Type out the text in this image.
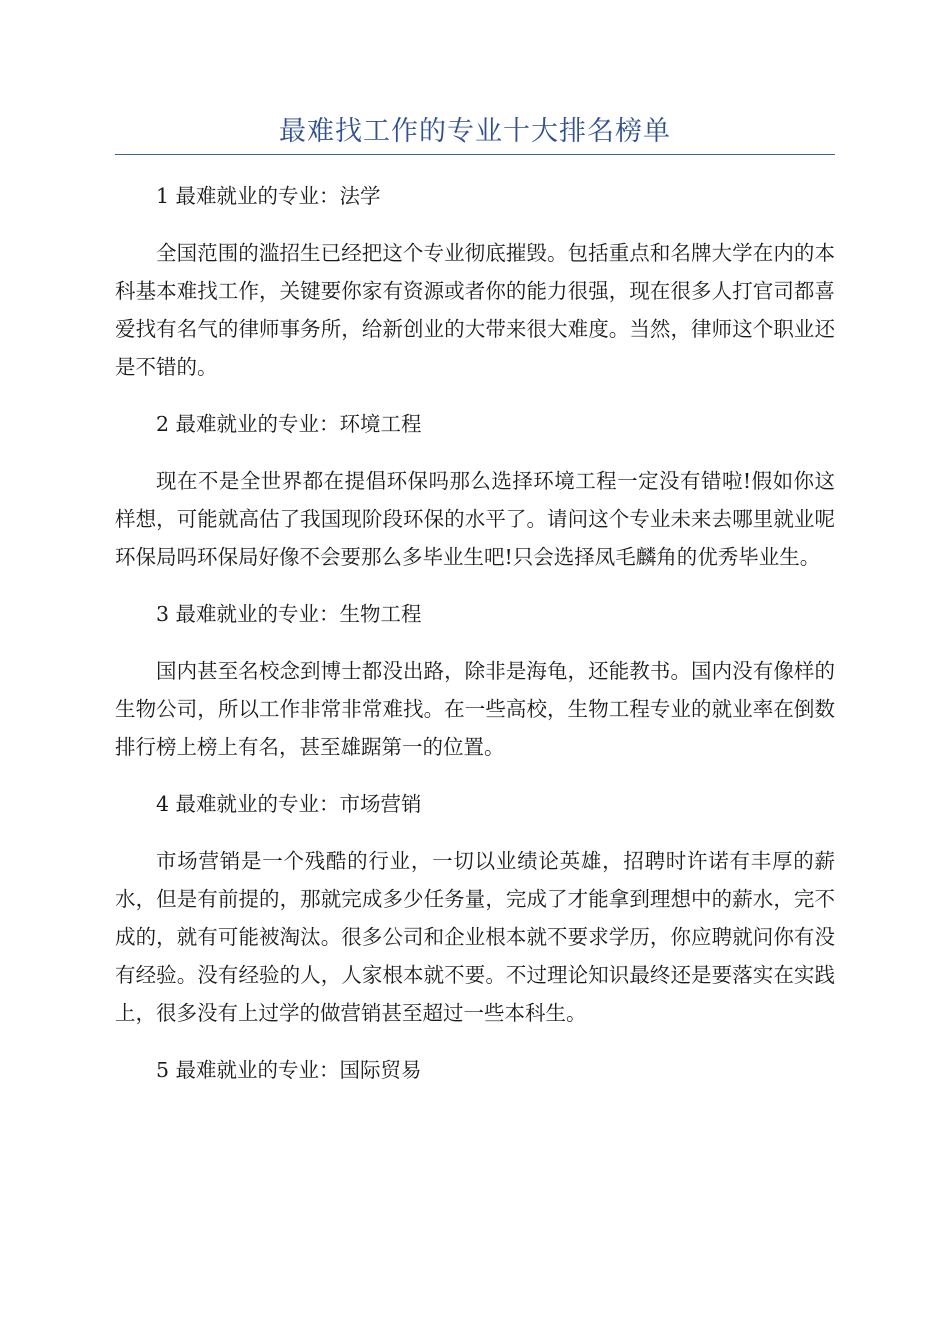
最难找工作的专业十大排名榜单

1 最难就业的专业：法学

全国范围的滥招生已经把这个专业彻底摧毁。包括重点和名牌大学在内的本科基本难找工作，关键要你家有资源或者你的能力很强，现在很多人打官司都喜爱找有名气的律师事务所，给新创业的大带来很大难度。当然，律师这个职业还是不错的。

2 最难就业的专业：环境工程

现在不是全世界都在提倡环保吗那么选择环境工程一定没有错啦!假如你这样想，可能就高估了我国现阶段环保的水平了。请问这个专业未来去哪里就业呢环保局吗环保局好像不会要那么多毕业生吧!只会选择凤毛麟角的优秀毕业生。

3 最难就业的专业：生物工程

国内甚至名校念到博士都没出路，除非是海龟，还能教书。国内没有像样的生物公司，所以工作非常非常难找。在一些高校，生物工程专业的就业率在倒数排行榜上榜上有名，甚至雄踞第一的位置。

4 最难就业的专业：市场营销

市场营销是一个残酷的行业，一切以业绩论英雄，招聘时许诺有丰厚的薪水，但是有前提的，那就完成多少任务量，完成了才能拿到理想中的薪水，完不成的，就有可能被淘汰。很多公司和企业根本就不要求学历，你应聘就问你有没有经验。没有经验的人，人家根本就不要。不过理论知识最终还是要落实在实践上，很多没有上过学的做营销甚至超过一些本科生。

5 最难就业的专业：国际贸易
